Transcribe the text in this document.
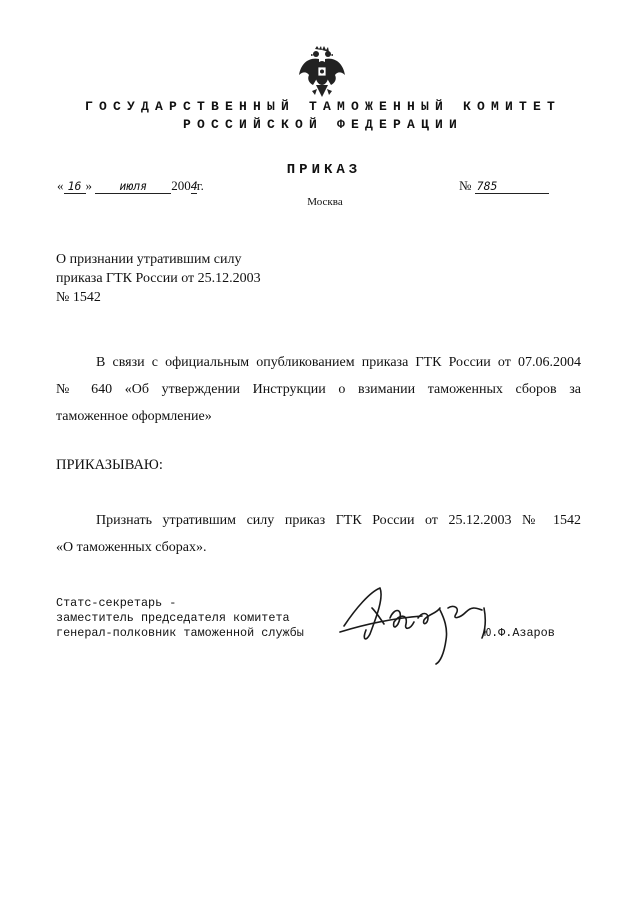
ГОСУДАРСТВЕННЫЙ ТАМОЖЕННЫЙ КОМИТЕТ
РОССИЙСКОЙ ФЕДЕРАЦИИ
ПРИКАЗ
« 16 » июля 2004г.	№ 785
Москва
О признании утратившим силу
приказа ГТК России от 25.12.2003
№ 1542
В связи с официальным опубликованием приказа ГТК России от 07.06.2004
№ 640 «Об утверждении Инструкции о взимании таможенных сборов за
таможенное оформление»
ПРИКАЗЫВАЮ:
Признать утратившим силу приказ ГТК России от 25.12.2003 № 1542
«О таможенных сборах».
Статс-секретарь -
заместитель председателя комитета
генерал-полковник таможенной службы	Ю.Ф.Азаров
